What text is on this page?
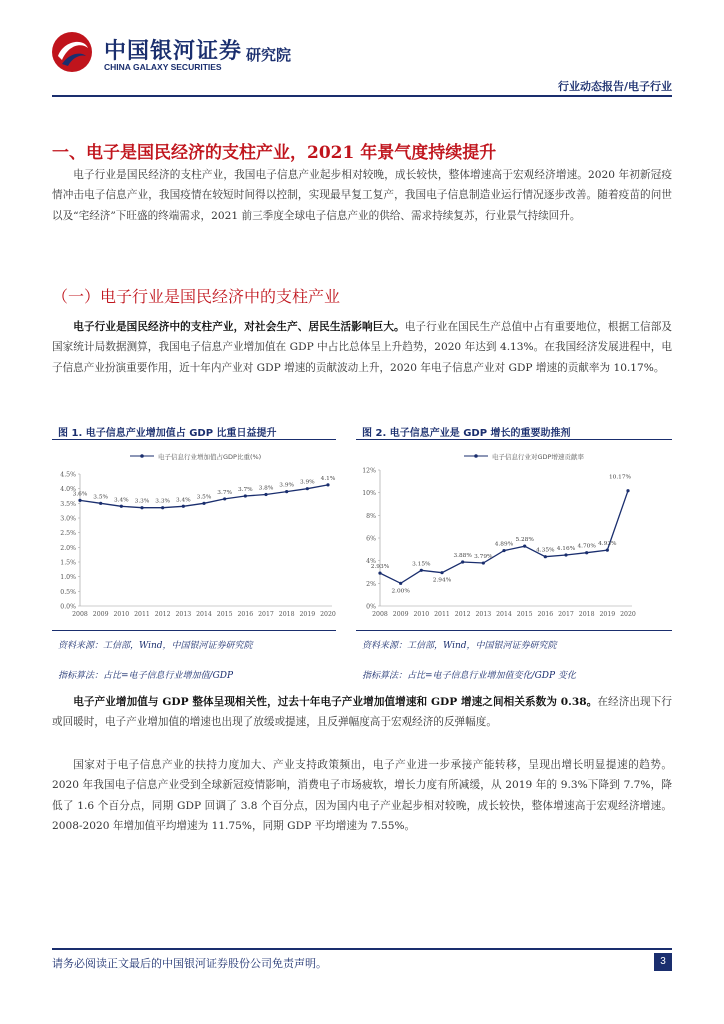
中国银河证券
CHINA GALAXY SECURITIES
研究院
行业动态报告/电子行业
一、电子是国民经济的支柱产业，2021 年景气度持续提升

电子行业是国民经济的支柱产业，我国电子信息产业起步相对较晚，成长较快，整体增速高于宏观经济增速。2020 年初新冠疫情冲击电子信息产业，我国疫情在较短时间得以控制，实现最早复工复产，我国电子信息制造业运行情况逐步改善。随着疫苗的问世以及“宅经济”下旺盛的终端需求，2021 前三季度全球电子信息产业的供给、需求持续复苏，行业景气持续回升。

（一）电子行业是国民经济中的支柱产业

电子行业是国民经济中的支柱产业，对社会生产、居民生活影响巨大。电子行业在国民生产总值中占有重要地位，根据工信部及国家统计局数据测算，我国电子信息产业增加值在 GDP 中占比总体呈上升趋势，2020 年达到 4.13%。在我国经济发展进程中，电子信息产业扮演重要作用，近十年内产业对 GDP 增速的贡献波动上升，2020 年电子信息产业对 GDP 增速的贡献率为 10.17%。

图 1. 电子信息产业增加值占 GDP 比重日益提升	图 2. 电子信息产业是 GDP 增长的重要助推剂
电子信息行业增加值占GDP比重(%)
0.0%
0.5%
1.0%
1.5%
2.0%
2.5%
3.0%
3.5%
4.0%
4.5%
2008 2009 2010 2011 2012 2013 2014 2015 2016 2017 2018 2019 2020
3.6% 3.5% 3.4% 3.3% 3.3% 3.4% 3.5%
3.7% 3.7% 3.8% 3.9% 3.9%
4.1%
电子信息行业对GDP增速贡献率
0%
2%
4%
6%
8%
10%
12%
2008 2009 2010 2011 2012 2013 2014 2015 2016 2017 2018 2019 2020
2.93%
2.00%
3.15%
2.94%
3.88% 3.79%
4.89%
5.28%
4.35% 4.16% 4.70% 4.93%
10.17%
资料来源：工信部，Wind，中国银河证券研究院	资料来源：工信部，Wind，中国银河证券研究院
指标算法：占比=电子信息行业增加值/GDP	指标算法：占比=电子信息行业增加值变化/GDP 变化

电子产业增加值与 GDP 整体呈现相关性，过去十年电子产业增加值增速和 GDP 增速之间相关系数为 0.38。在经济出现下行或回暖时，电子产业增加值的增速也出现了放缓或提速，且反弹幅度高于宏观经济的反弹幅度。

国家对于电子信息产业的扶持力度加大、产业支持政策频出，电子产业进一步承接产能转移，呈现出增长明显提速的趋势。2020 年我国电子信息产业受到全球新冠疫情影响，消费电子市场疲软，增长力度有所减缓，从 2019 年的 9.3%下降到 7.7%，降低了 1.6 个百分点，同期 GDP 回调了 3.8 个百分点，因为国内电子产业起步相对较晚，成长较快，整体增速高于宏观经济增速。2008-2020 年增加值平均增速为 11.75%，同期 GDP 平均增速为 7.55%。

请务必阅读正文最后的中国银河证券股份公司免责声明。	3
